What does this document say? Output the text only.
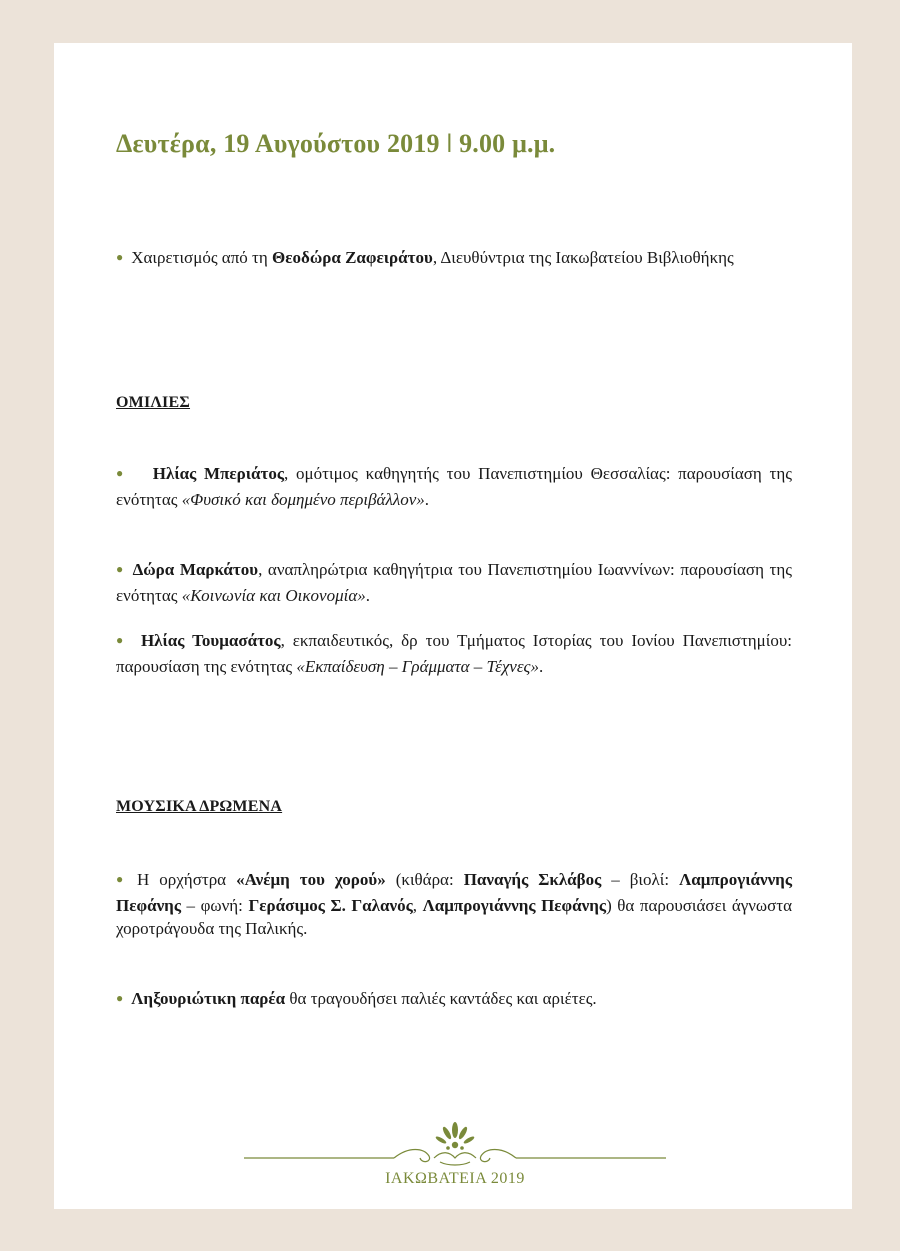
Δευτέρα, 19 Αυγούστου 2019 ǀ 9.00 μ.μ.

● Χαιρετισμός από τη Θεοδώρα Ζαφειράτου, Διευθύντρια της Ιακωβατείου Βιβλιοθήκης

ΟΜΙΛΙΕΣ

● Ηλίας Μπεριάτος, ομότιμος καθηγητής του Πανεπιστημίου Θεσσαλίας: παρουσίαση της ενότητας «Φυσικό και δομημένο περιβάλλον».

● Δώρα Μαρκάτου, αναπληρώτρια καθηγήτρια του Πανεπιστημίου Ιωαννίνων: παρουσίαση της ενότητας «Κοινωνία και Οικονομία».

● Ηλίας Τουμασάτος, εκπαιδευτικός, δρ του Τμήματος Ιστορίας του Ιονίου Πανεπιστημίου: παρουσίαση της ενότητας «Εκπαίδευση – Γράμματα – Τέχνες».

ΜΟΥΣΙΚΑ ΔΡΩΜΕΝΑ

● Η ορχήστρα «Ανέμη του χορού» (κιθάρα: Παναγής Σκλάβος – βιολί: Λαμπρογιάννης Πεφάνης – φωνή: Γεράσιμος Σ. Γαλανός, Λαμπρογιάννης Πεφάνης) θα παρουσιάσει άγνωστα χοροτράγουδα της Παλικής.

● Ληξουριώτικη παρέα θα τραγουδήσει παλιές καντάδες και αριέτες.

ΙΑΚΩΒΑΤΕΙΑ 2019
